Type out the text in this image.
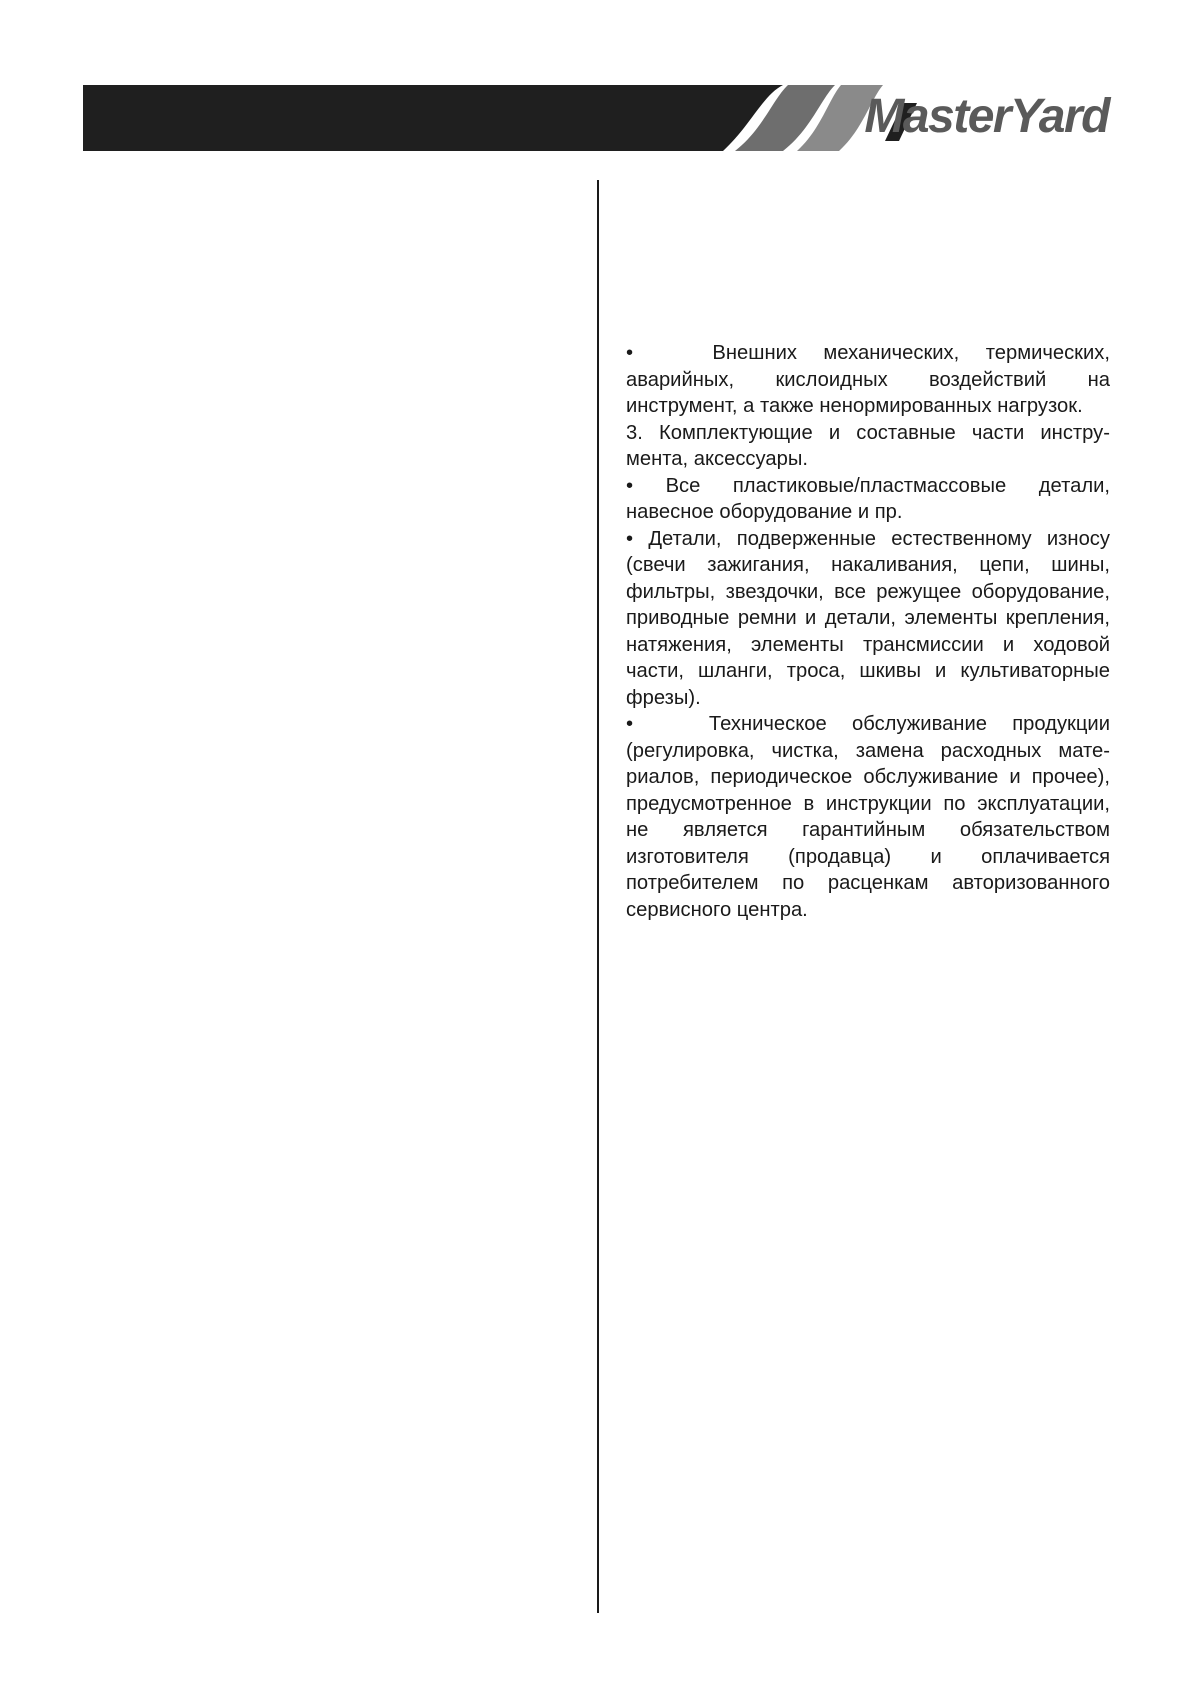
MasterYard

•   Внешних механических, термических, аварийных, кислоидных воздействий на инструмент, а также ненормированных нагрузок.

3. Комплектующие и составные части инструмента, аксессуары.

• Все пластиковые/пластмассовые детали, навесное оборудование и пр.

• Детали, подверженные естественному износу (свечи зажигания, накаливания, цепи, шины, фильтры, звездочки, все режущее оборудование, приводные ремни и детали, элементы крепления, натяжения, элементы трансмиссии и ходовой части, шланги, троса, шкивы и культиваторные фрезы).

•   Техническое обслуживание продукции (регулировка, чистка, замена расходных материалов, периодическое обслуживание и прочее), предусмотренное в инструкции по эксплуатации, не является гарантийным обязательством изготовителя (продавца) и оплачивается потребителем по расценкам авторизованного сервисного центра.
